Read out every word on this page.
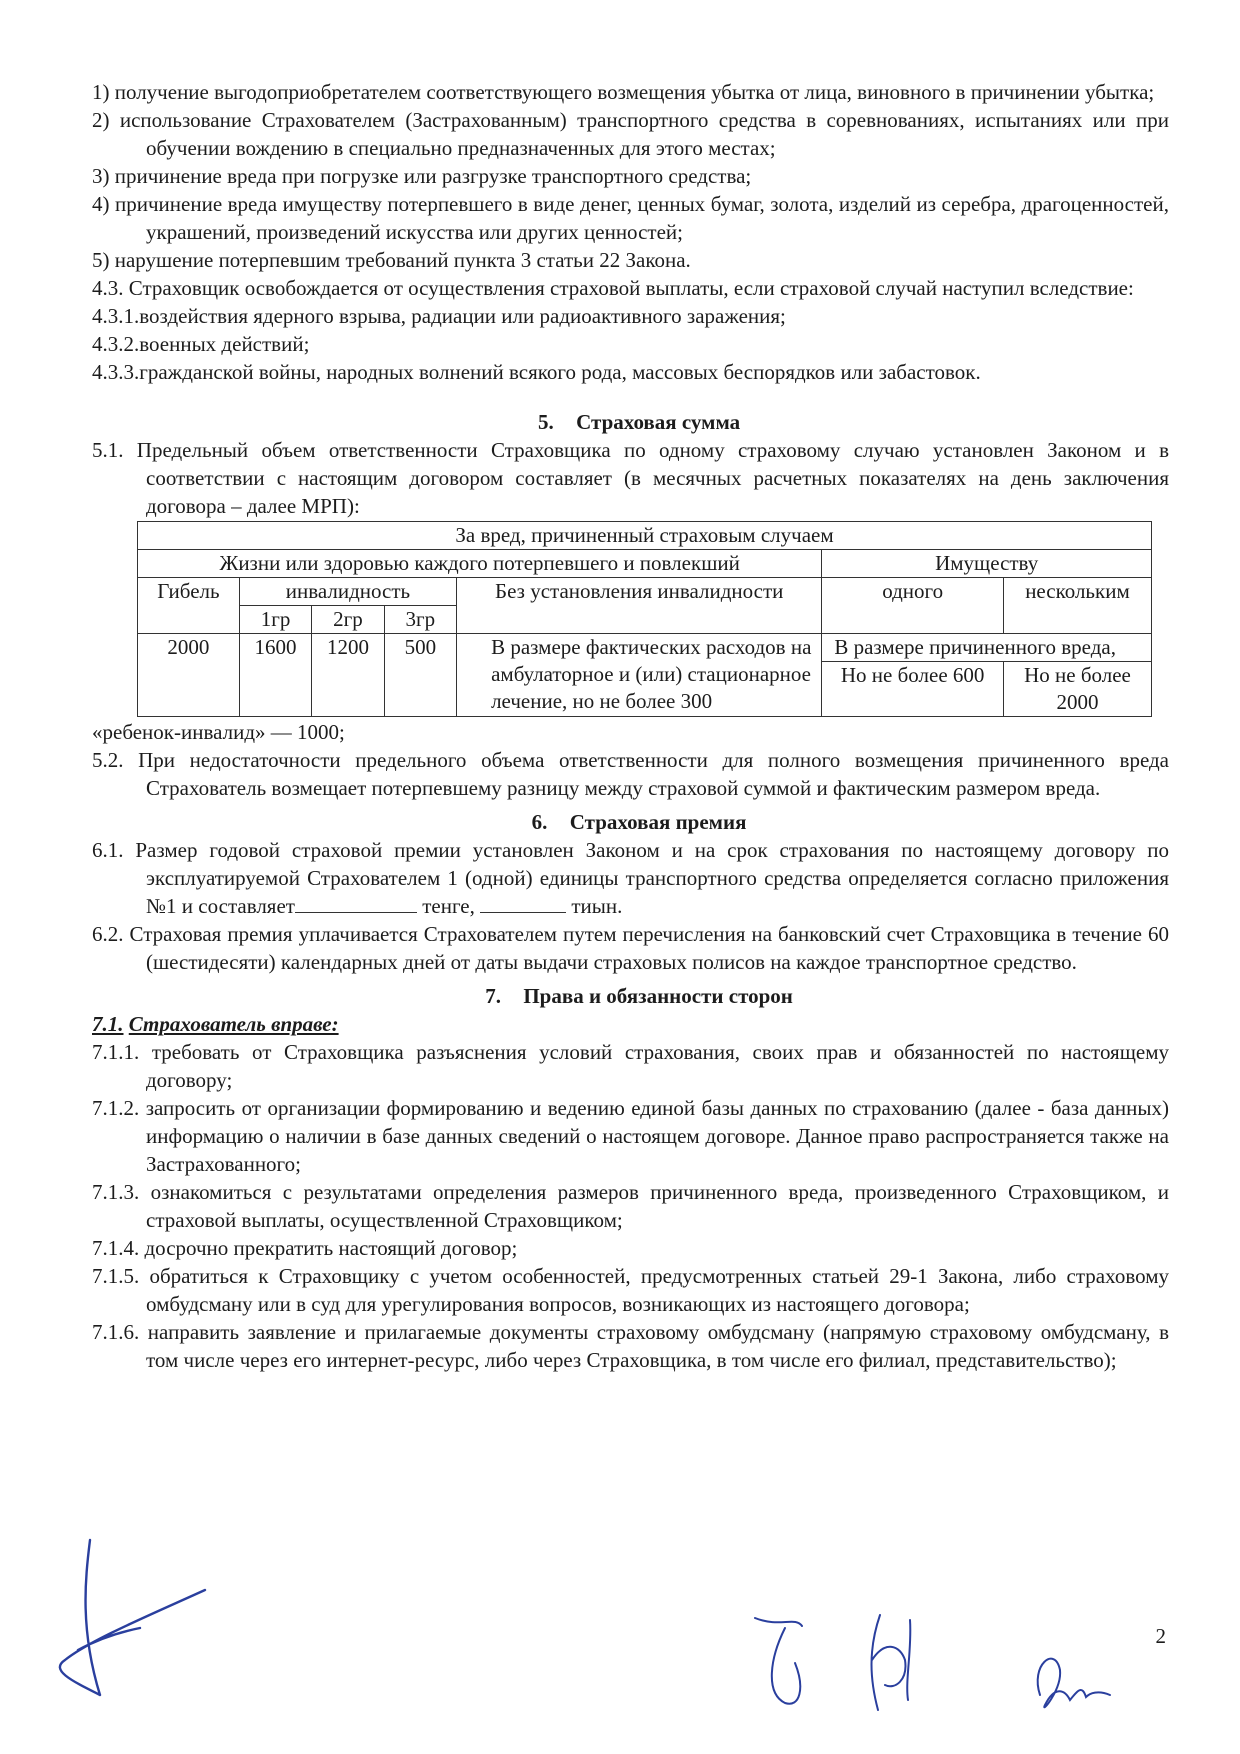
1) получение выгодоприобретателем соответствующего возмещения убытка от лица, виновного в причинении убытка;
2) использование Страхователем (Застрахованным) транспортного средства в соревнованиях, испытаниях или при обучении вождению в специально предназначенных для этого местах;
3) причинение вреда при погрузке или разгрузке транспортного средства;
4) причинение вреда имуществу потерпевшего в виде денег, ценных бумаг, золота, изделий из серебра, драгоценностей, украшений, произведений искусства или других ценностей;
5) нарушение потерпевшим требований пункта 3 статьи 22 Закона.
4.3. Страховщик освобождается от осуществления страховой выплаты, если страховой случай наступил вследствие:
4.3.1.воздействия ядерного взрыва, радиации или радиоактивного заражения;
4.3.2.военных действий;
4.3.3.гражданской войны, народных волнений всякого рода, массовых беспорядков или забастовок.
5. Страховая сумма
5.1. Предельный объем ответственности Страховщика по одному страховому случаю установлен Законом и в соответствии с настоящим договором составляет (в месячных расчетных показателях на день заключения договора – далее МРП):
За вред, причиненный страховым случаем						
Жизни или здоровью каждого потерпевшего и повлекший					Имуществу	
Гибель	инвалидность			Без установления инвалидности	одного	нескольким
	1гр	2гр	3гр			
2000	1600	1200	500	В размере фактических расходов на амбулаторное и (или) стационарное лечение, но не более 300	В размере причиненного вреда,	
					Но не более 600	Но не более 2000
«ребенок-инвалид» — 1000;
5.2. При недостаточности предельного объема ответственности для полного возмещения причиненного вреда Страхователь возмещает потерпевшему разницу между страховой суммой и фактическим размером вреда.
6. Страховая премия
6.1. Размер годовой страховой премии установлен Законом и на срок страхования по настоящему договору по эксплуатируемой Страхователем 1 (одной) единицы транспортного средства определяется согласно приложения №1 и составляет	тенге,	тиын.
6.2. Страховая премия уплачивается Страхователем путем перечисления на банковский счет Страховщика в течение 60 (шестидесяти) календарных дней от даты выдачи страховых полисов на каждое транспортное средство.
7. Права и обязанности сторон
7.1. Страхователь вправе:
7.1.1. требовать от Страховщика разъяснения условий страхования, своих прав и обязанностей по настоящему договору;
7.1.2. запросить от организации формированию и ведению единой базы данных по страхованию (далее - база данных) информацию о наличии в базе данных сведений о настоящем договоре. Данное право распространяется также на Застрахованного;
7.1.3. ознакомиться с результатами определения размеров причиненного вреда, произведенного Страховщиком, и страховой выплаты, осуществленной Страховщиком;
7.1.4. досрочно прекратить настоящий договор;
7.1.5. обратиться к Страховщику с учетом особенностей, предусмотренных статьей 29-1 Закона, либо страховому омбудсману или в суд для урегулирования вопросов, возникающих из настоящего договора;
7.1.6. направить заявление и прилагаемые документы страховому омбудсману (напрямую страховому омбудсману, в том числе через его интернет-ресурс, либо через Страховщика, в том числе его филиал, представительство);
2
